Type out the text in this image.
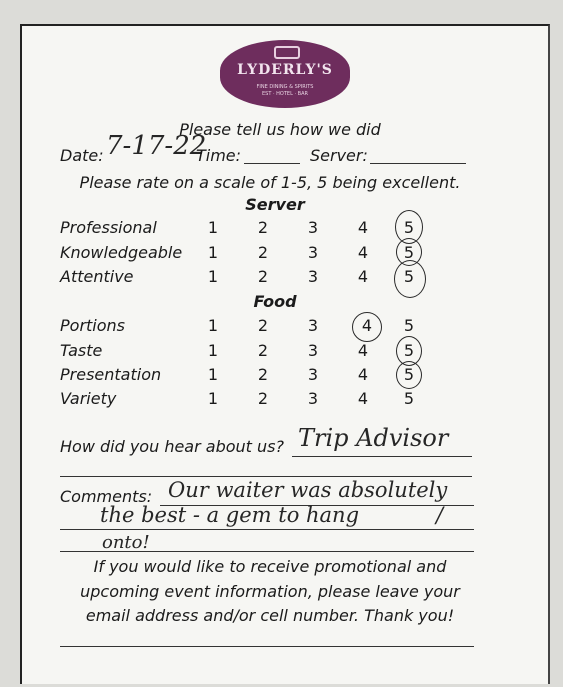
LYDERLY'S
FINE DINING & SPIRITS
EST · HOTEL · BAR
Please tell us how we did
Date: 7-17-22
Time:	Server:
Please rate on a scale of 1-5, 5 being excellent.
Server
Professional	1	2	3	4	5
Knowledgeable	1	2	3	4	5
Attentive	1	2	3	4	5
Food
Portions	1	2	3	4	5
Taste	1	2	3	4	5
Presentation	1	2	3	4	5
Variety	1	2	3	4	5
How did you hear about us? Trip Advisor
Comments: Our waiter was absolutely
the best - a gem to hang	/
onto!
If you would like to receive promotional and
upcoming event information, please leave your
email address and/or cell number. Thank you!
